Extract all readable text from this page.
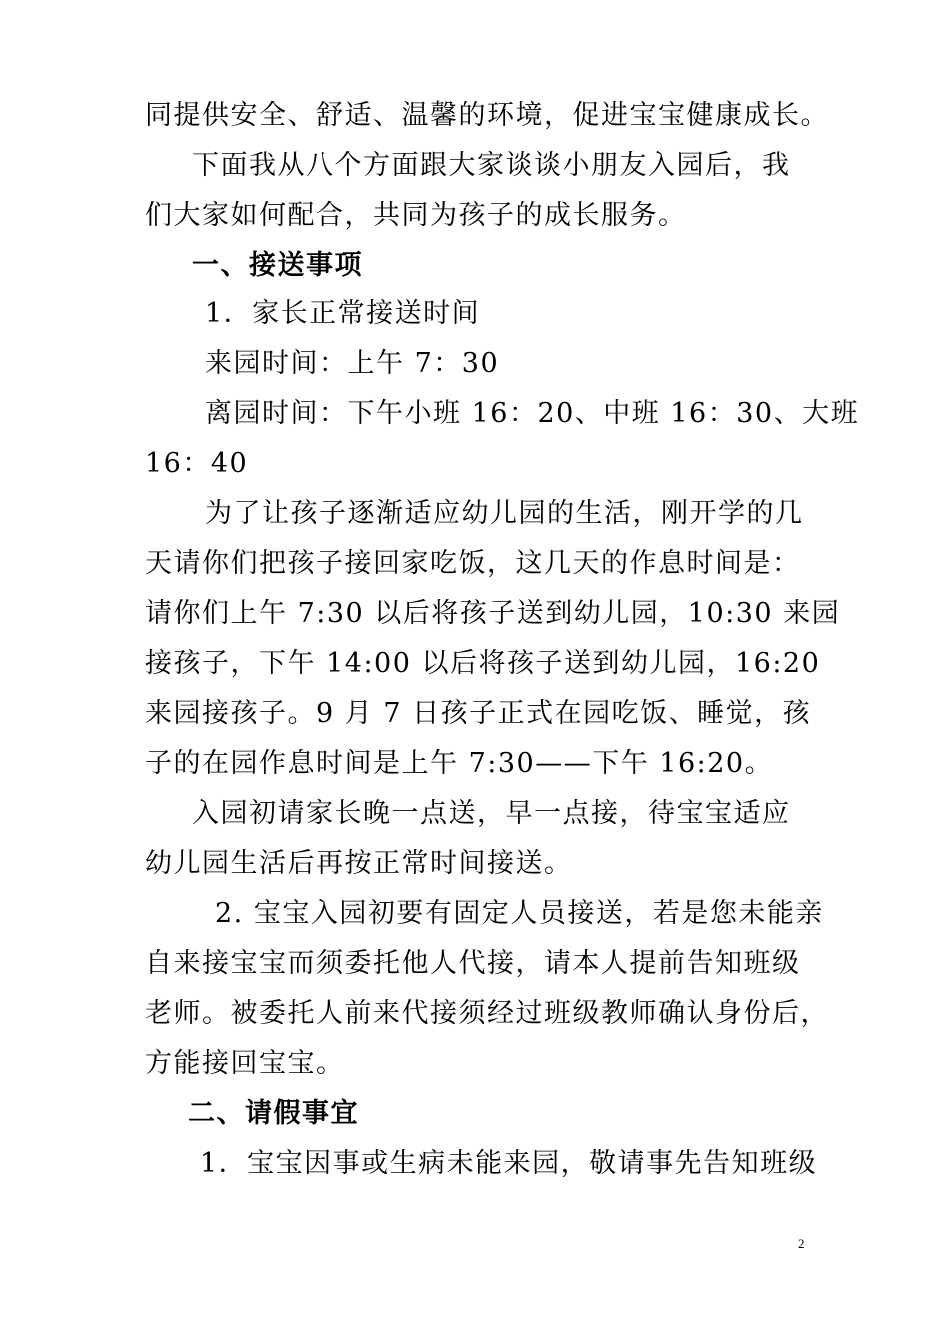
同提供安全、舒适、温馨的环境，促进宝宝健康成长。
下面我从八个方面跟大家谈谈小朋友入园后，我
们大家如何配合，共同为孩子的成长服务。
一、接送事项
1．家长正常接送时间
来园时间：上午 7：30
离园时间：下午小班 16：20、中班 16：30、大班
16：40
为了让孩子逐渐适应幼儿园的生活，刚开学的几
天请你们把孩子接回家吃饭，这几天的作息时间是：
请你们上午 7:30 以后将孩子送到幼儿园，10:30 来园
接孩子，下午 14:00 以后将孩子送到幼儿园，16:20
来园接孩子。9 月 7 日孩子正式在园吃饭、睡觉，孩
子的在园作息时间是上午 7:30——下午 16:20。
入园初请家长晚一点送，早一点接，待宝宝适应
幼儿园生活后再按正常时间接送。
2. 宝宝入园初要有固定人员接送，若是您未能亲
自来接宝宝而须委托他人代接，请本人提前告知班级
老师。被委托人前来代接须经过班级教师确认身份后，
方能接回宝宝。
二、请假事宜
1．宝宝因事或生病未能来园，敬请事先告知班级
2
